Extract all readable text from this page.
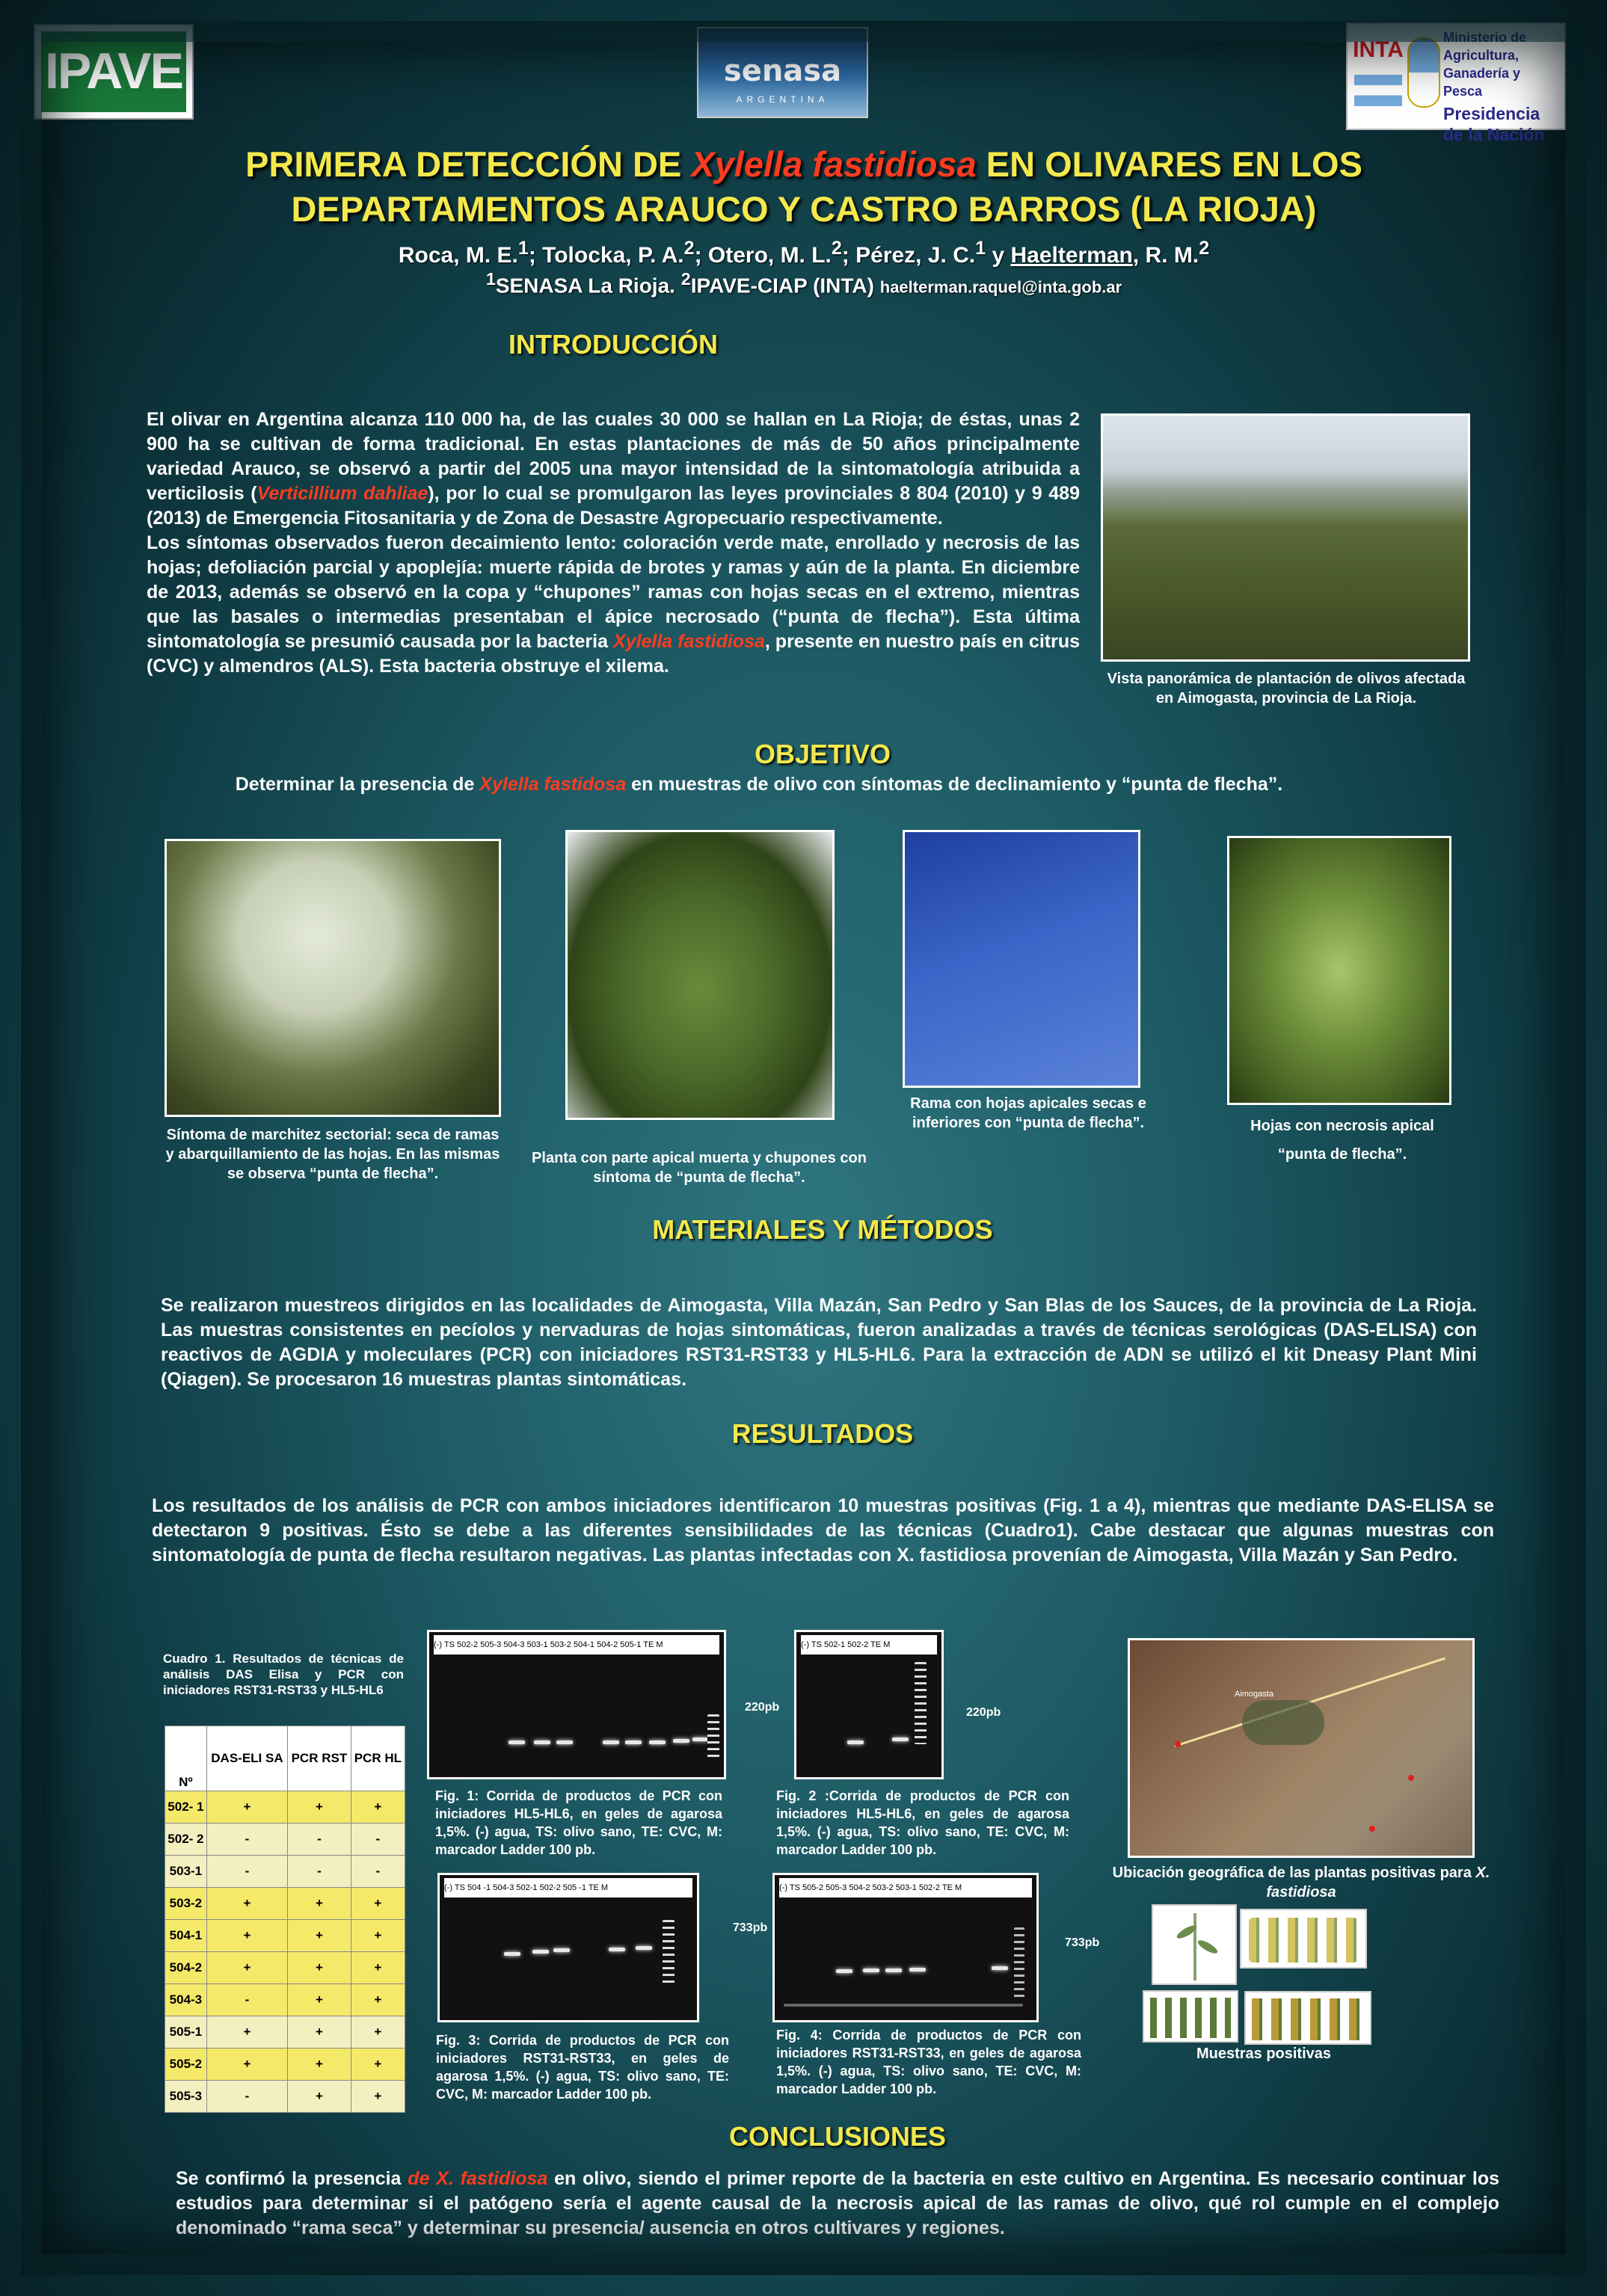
IPAVE	senasa
ARGENTINA
INTA	Ministerio de
Agricultura, Ganadería y Pesca
Presidencia de la Nación
PRIMERA DETECCIÓN DE Xylella fastidiosa EN OLIVARES EN LOS
DEPARTAMENTOS ARAUCO Y CASTRO BARROS (LA RIOJA)
Roca, M. E.$^1$; Tolocka, P. A.$^2$; Otero, M. L.$^2$; Pérez, J. C.$^1$ y Haelterman, R. M.$^2$
$^1$SENASA La Rioja. $^2$IPAVE-CIAP (INTA) haelterman.raquel@inta.gob.ar
INTRODUCCIÓN
El olivar en Argentina alcanza 110 000 ha, de las cuales 30 000 se hallan en La Rioja; de éstas, unas 2 900 ha se cultivan de forma tradicional. En estas plantaciones de más de 50 años principalmente variedad Arauco, se observó a partir del 2005 una mayor intensidad de la sintomatología atribuida a verticilosis (Verticillium dahliae), por lo cual se promulgaron las leyes provinciales 8 804 (2010) y 9 489 (2013) de Emergencia Fitosanitaria y de Zona de Desastre Agropecuario respectivamente.
Los síntomas observados fueron decaimiento lento: coloración verde mate, enrollado y necrosis de las hojas; defoliación parcial y apoplejía: muerte rápida de brotes y ramas y aún de la planta. En diciembre de 2013, además se observó en la copa y “chupones” ramas con hojas secas en el extremo, mientras que las basales o intermedias presentaban el ápice necrosado (“punta de flecha”). Esta última sintomatología se presumió causada por la bacteria Xylella fastidiosa, presente en nuestro país en citrus (CVC) y almendros (ALS). Esta bacteria obstruye el xilema.
Vista panorámica de plantación de olivos afectada
en Aimogasta, provincia de La Rioja.
OBJETIVO
Determinar la presencia de Xylella fastidosa en muestras de olivo con síntomas de declinamiento y “punta de flecha”.
Síntoma de marchitez sectorial: seca de ramas y abarquillamiento de las hojas. En las mismas se observa “punta de flecha”.
Planta con parte apical muerta y chupones con síntoma de “punta de flecha”.
Rama con hojas apicales secas e inferiores con “punta de flecha”.	Hojas con necrosis apical
“punta de flecha”.
MATERIALES Y MÉTODOS
Se realizaron muestreos dirigidos en las localidades de Aimogasta, Villa Mazán, San Pedro y San Blas de los Sauces, de la provincia de La Rioja. Las muestras consistentes en pecíolos y nervaduras de hojas sintomáticas, fueron analizadas a través de técnicas serológicas (DAS-ELISA) con reactivos de AGDIA y moleculares (PCR) con iniciadores RST31-RST33 y HL5-HL6. Para la extracción de ADN se utilizó el kit Dneasy Plant Mini (Qiagen). Se procesaron 16 muestras plantas sintomáticas.
RESULTADOS
Los resultados de los análisis de PCR con ambos iniciadores identificaron 10 muestras positivas (Fig. 1 a 4), mientras que mediante DAS-ELISA se detectaron 9 positivas. Ésto se debe a las diferentes sensibilidades de las técnicas (Cuadro1). Cabe destacar que algunas muestras con sintomatología de punta de flecha resultaron negativas. Las plantas infectadas con X. fastidiosa provenían de Aimogasta, Villa Mazán y San Pedro.
Cuadro 1. Resultados de técnicas de análisis DAS Elisa y PCR con iniciadores RST31-RST33 y HL5-HL6
Nº	DAS-ELI SA	PCR RST	PCR HL
502- 1	+	+	+
502- 2	-	-	-
503-1	-	-	-
503-2	+	+	+
504-1	+	+	+
504-2	+	+	+
504-3	-	+	+
505-1	+	+	+
505-2	+	+	+
505-3	-	+	+
(-) TS 502-2 505-3 504-3 503-1 503-2 504-1 504-2 505-1 TE M
220pb
Fig. 1: Corrida de productos de PCR con iniciadores HL5-HL6, en geles de agarosa 1,5%. (-) agua, TS: olivo sano, TE: CVC, M: marcador Ladder 100 pb.
(-) TS 502-1 502-2 TE M
220pb
Fig. 2 :Corrida de productos de PCR con iniciadores HL5-HL6, en geles de agarosa 1,5%. (-) agua, TS: olivo sano, TE: CVC, M: marcador Ladder 100 pb.
(-) TS 504 -1 504-3 502-1 502-2 505 -1 TE M
733pb
Fig. 3: Corrida de productos de PCR con iniciadores RST31-RST33, en geles de agarosa 1,5%. (-) agua, TS: olivo sano, TE: CVC, M: marcador Ladder 100 pb.
(-) TS 505-2 505-3 504-2 503-2 503-1 502-2 TE M
733pb
Fig. 4: Corrida de productos de PCR con iniciadores RST31-RST33, en geles de agarosa 1,5%. (-) agua, TS: olivo sano, TE: CVC, M: marcador Ladder 100 pb.
Aimogasta
Ubicación geográfica de las plantas positivas para X. fastidiosa
Muestras positivas
CONCLUSIONES
Se confirmó la presencia de X. fastidiosa en olivo, siendo el primer reporte de la bacteria en este cultivo en Argentina. Es necesario continuar los estudios para determinar si el patógeno sería el agente causal de la necrosis apical de las ramas de olivo, qué rol cumple en el complejo denominado “rama seca” y determinar su presencia/ ausencia en otros cultivares y regiones.
